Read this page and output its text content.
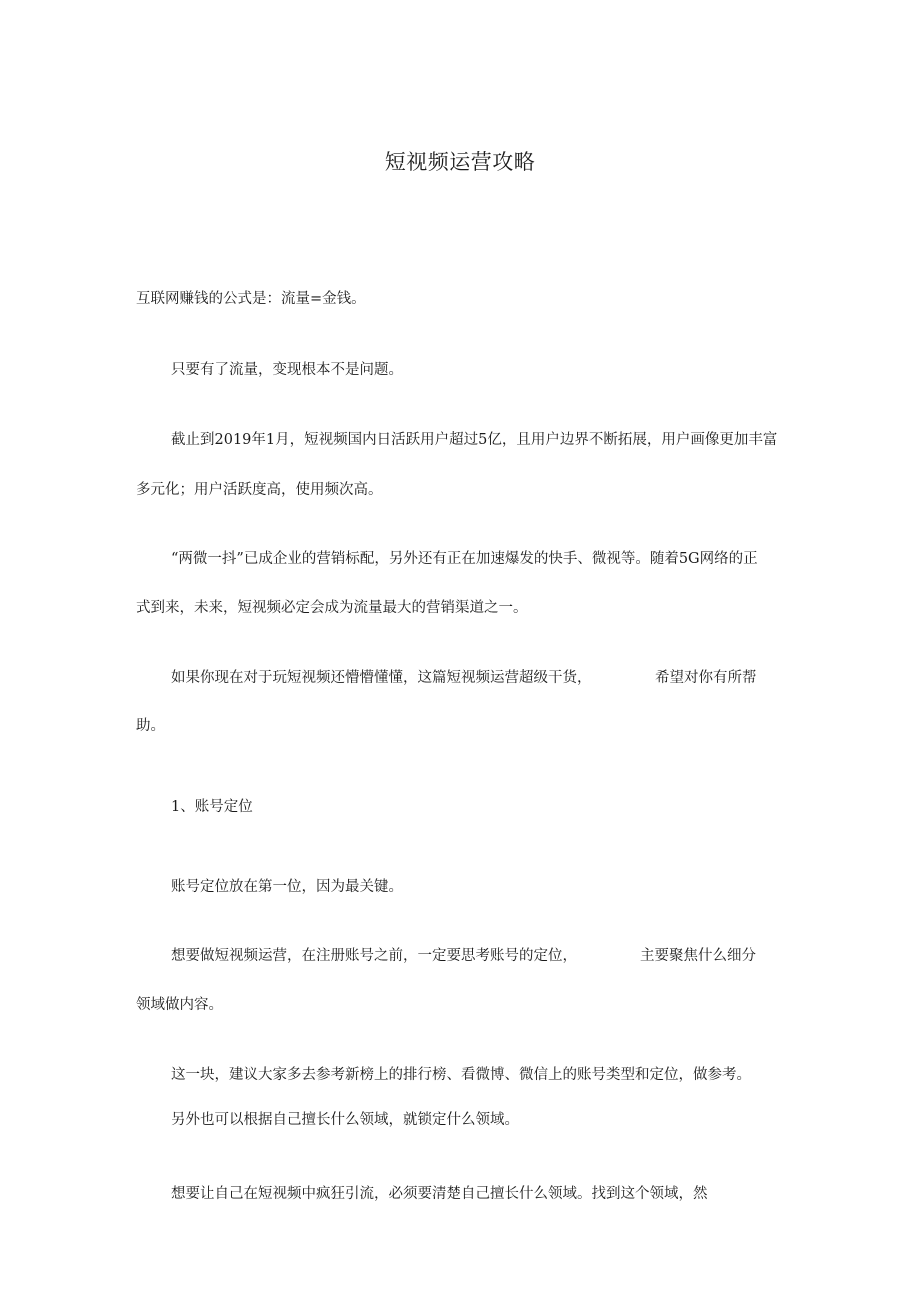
短视频运营攻略
互联网赚钱的公式是：流量=金钱。
只要有了流量，变现根本不是问题。
截止到2019年1月，短视频国内日活跃用户超过5亿，且用户边界不断拓展，用户画像更加丰富
多元化；用户活跃度高，使用频次高。
“两微一抖”已成企业的营销标配，另外还有正在加速爆发的快手、微视等。随着5G网络的正
式到来，未来，短视频必定会成为流量最大的营销渠道之一。
如果你现在对于玩短视频还懵懵懂懂，这篇短视频运营超级干货，	希望对你有所帮
助。
1、账号定位
账号定位放在第一位，因为最关键。
想要做短视频运营，在注册账号之前，一定要思考账号的定位，	主要聚焦什么细分
领域做内容。
这一块，建议大家多去参考新榜上的排行榜、看微博、微信上的账号类型和定位，做参考。
另外也可以根据自己擅长什么领域，就锁定什么领域。
想要让自己在短视频中疯狂引流，必须要清楚自己擅长什么领域。找到这个领域，然
